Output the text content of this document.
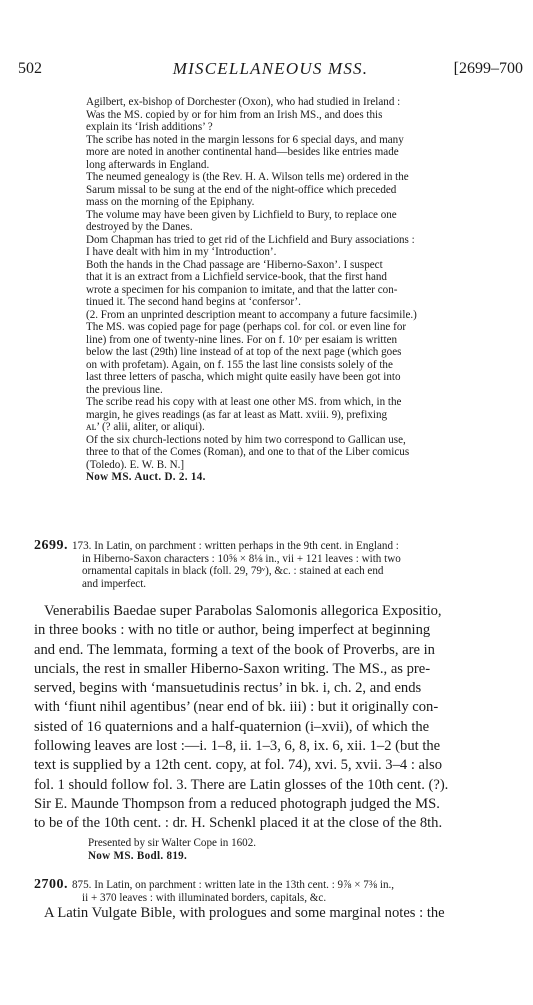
502	MISCELLANEOUS MSS.	[2699–700
Agilbert, ex-bishop of Dorchester (Oxon), who had studied in Ireland :
Was the MS. copied by or for him from an Irish MS., and does this
explain its ‘Irish additions’ ?
The scribe has noted in the margin lessons for 6 special days, and many
more are noted in another continental hand—besides like entries made
long afterwards in England.
The neumed genealogy is (the Rev. H. A. Wilson tells me) ordered in the
Sarum missal to be sung at the end of the night-office which preceded
mass on the morning of the Epiphany.
The volume may have been given by Lichfield to Bury, to replace one
destroyed by the Danes.
Dom Chapman has tried to get rid of the Lichfield and Bury associations :
I have dealt with him in my ‘Introduction’.
Both the hands in the Chad passage are ‘Hiberno-Saxon’. I suspect
that it is an extract from a Lichfield service-book, that the first hand
wrote a specimen for his companion to imitate, and that the latter con-
tinued it. The second hand begins at ‘confersor’.
(2. From an unprinted description meant to accompany a future facsimile.)
The MS. was copied page for page (perhaps col. for col. or even line for
line) from one of twenty-nine lines. For on f. 10ᵛ per esaiam is written
below the last (29th) line instead of at top of the next page (which goes
on with profetam). Again, on f. 155 the last line consists solely of the
last three letters of pascha, which might quite easily have been got into
the previous line.
The scribe read his copy with at least one other MS. from which, in the
margin, he gives readings (as far at least as Matt. xviii. 9), prefixing
ᴀʟ’ (? alii, aliter, or aliqui).
Of the six church-lections noted by him two correspond to Gallican use,
three to that of the Comes (Roman), and one to that of the Liber comicus
(Toledo). E. W. B. N.]
Now MS. Auct. D. 2. 14.
2699. 173. In Latin, on parchment : written perhaps in the 9th cent. in England :
in Hiberno-Saxon characters : 10⅝ × 8⅛ in., vii + 121 leaves : with two
ornamental capitals in black (foll. 29, 79ᵛ), &c. : stained at each end
and imperfect.
Venerabilis Baedae super Parabolas Salomonis allegorica Expositio,
in three books : with no title or author, being imperfect at beginning
and end. The lemmata, forming a text of the book of Proverbs, are in
uncials, the rest in smaller Hiberno-Saxon writing. The MS., as pre-
served, begins with ‘mansuetudinis rectus’ in bk. i, ch. 2, and ends
with ‘fiunt nihil agentibus’ (near end of bk. iii) : but it originally con-
sisted of 16 quaternions and a half-quaternion (i–xvii), of which the
following leaves are lost :—i. 1–8, ii. 1–3, 6, 8, ix. 6, xii. 1–2 (but the
text is supplied by a 12th cent. copy, at fol. 74), xvi. 5, xvii. 3–4 : also
fol. 1 should follow fol. 3. There are Latin glosses of the 10th cent. (?).
Sir E. Maunde Thompson from a reduced photograph judged the MS.
to be of the 10th cent. : dr. H. Schenkl placed it at the close of the 8th.
Presented by sir Walter Cope in 1602.
Now MS. Bodl. 819.
2700. 875. In Latin, on parchment : written late in the 13th cent. : 9⅞ × 7⅜ in.,
ii + 370 leaves : with illuminated borders, capitals, &c.
A Latin Vulgate Bible, with prologues and some marginal notes : the
